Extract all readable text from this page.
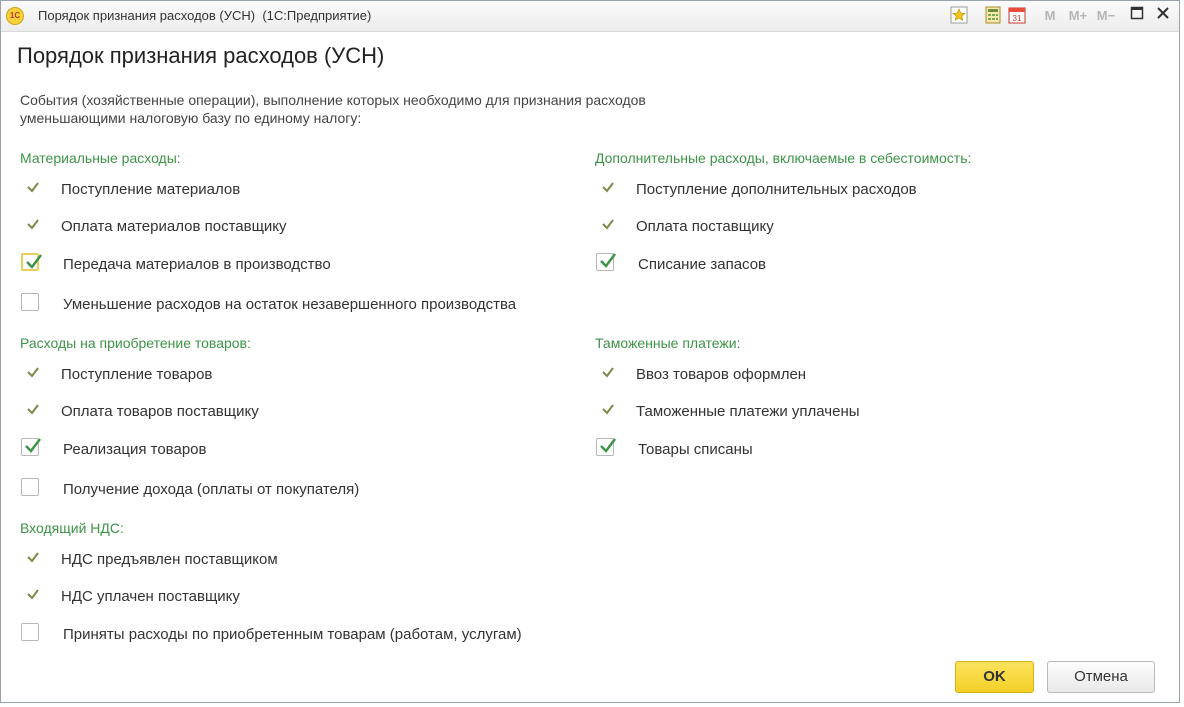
1С Порядок признания расходов (УСН) (1С:Предприятие)	31 M M+ M−
Порядок признания расходов (УСН)
События (хозяйственные операции), выполнение которых необходимо для признания расходов уменьшающими налоговую базу по единому налогу:
Материальные расходы:
Поступление материалов
Оплата материалов поставщику
Передача материалов в производство
Уменьшение расходов на остаток незавершенного производства
Расходы на приобретение товаров:
Поступление товаров
Оплата товаров поставщику
Реализация товаров
Получение дохода (оплаты от покупателя)
Входящий НДС:
НДС предъявлен поставщиком
НДС уплачен поставщику
Приняты расходы по приобретенным товарам (работам, услугам)
Дополнительные расходы, включаемые в себестоимость:
Поступление дополнительных расходов
Оплата поставщику
Списание запасов
Таможенные платежи:
Ввоз товаров оформлен
Таможенные платежи уплачены
Товары списаны
OK	Отмена
